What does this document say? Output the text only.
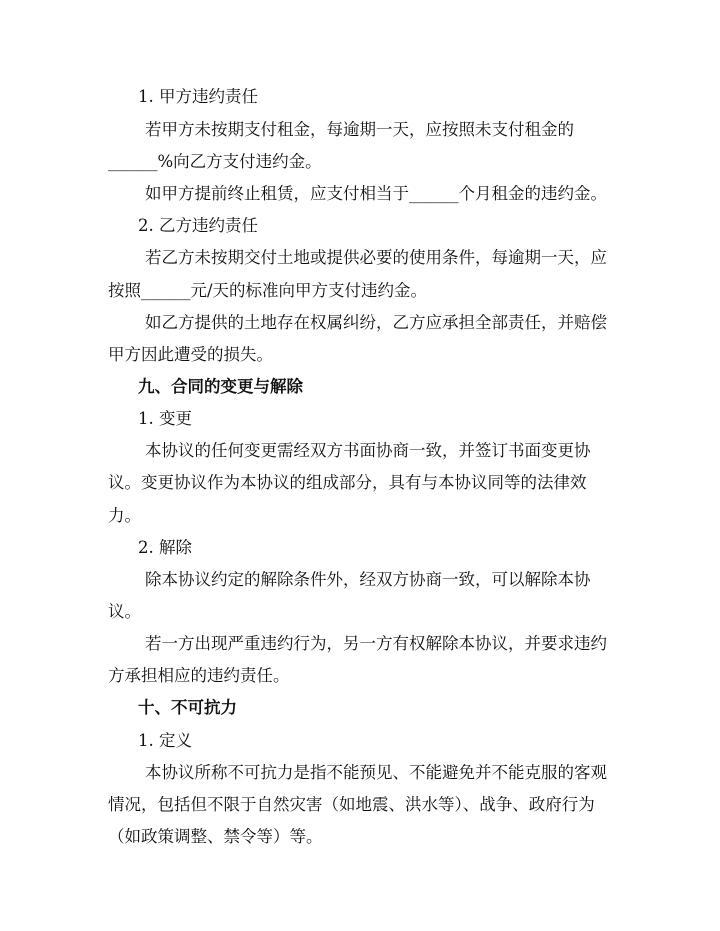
1. 甲方违约责任
若甲方未按期支付租金，每逾期一天，应按照未支付租金的
______%向乙方支付违约金。
如甲方提前终止租赁，应支付相当于______个月租金的违约金。
2. 乙方违约责任
若乙方未按期交付土地或提供必要的使用条件，每逾期一天，应
按照______元/天的标准向甲方支付违约金。
如乙方提供的土地存在权属纠纷，乙方应承担全部责任，并赔偿
甲方因此遭受的损失。
九、合同的变更与解除
1. 变更
本协议的任何变更需经双方书面协商一致，并签订书面变更协
议。变更协议作为本协议的组成部分，具有与本协议同等的法律效
力。
2. 解除
除本协议约定的解除条件外，经双方协商一致，可以解除本协
议。
若一方出现严重违约行为，另一方有权解除本协议，并要求违约
方承担相应的违约责任。
十、不可抗力
1. 定义
本协议所称不可抗力是指不能预见、不能避免并不能克服的客观
情况，包括但不限于自然灾害（如地震、洪水等）、战争、政府行为
（如政策调整、禁令等）等。
